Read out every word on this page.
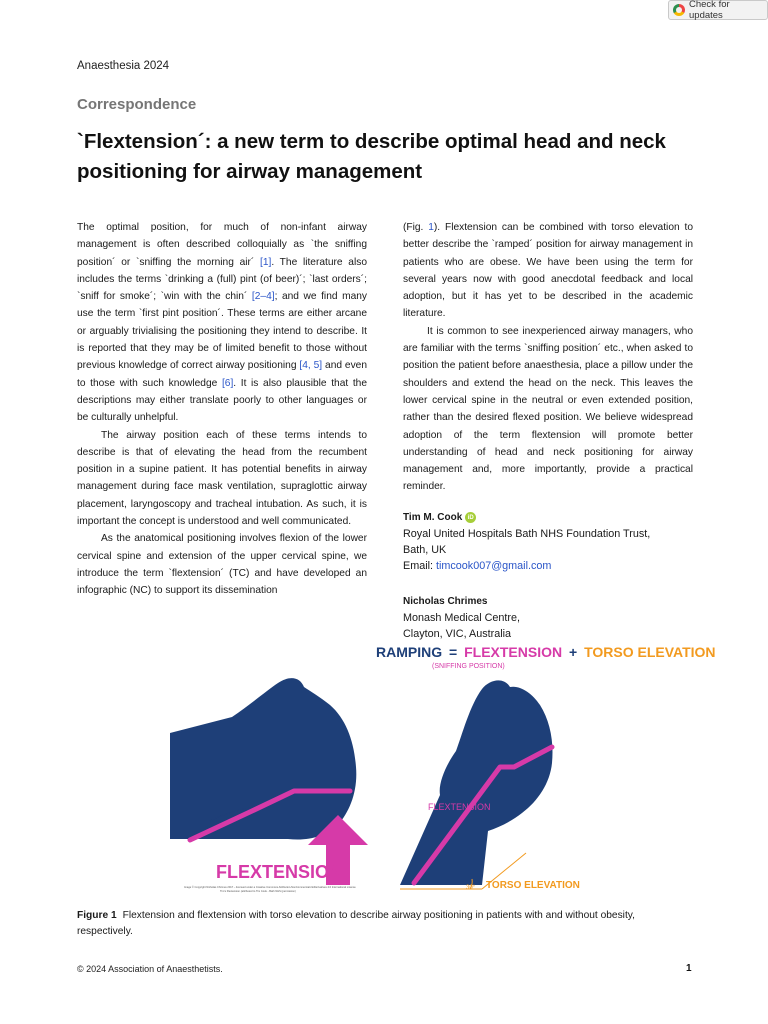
Check for updates
Anaesthesia 2024
Correspondence
`Flextension´: a new term to describe optimal head and neck positioning for airway management

The optimal position, for much of non-infant airway management is often described colloquially as `the sniffing position´ or `sniffing the morning air´ [1]. The literature also includes the terms `drinking a (full) pint (of beer)´; `last orders´; `sniff for smoke´; `win with the chin´ [2–4]; and we find many use the term `first pint position´. These terms are either arcane or arguably trivialising the positioning they intend to describe. It is reported that they may be of limited benefit to those without previous knowledge of correct airway positioning [4, 5] and even to those with such knowledge [6]. It is also plausible that the descriptions may either translate poorly to other languages or be culturally unhelpful.

The airway position each of these terms intends to describe is that of elevating the head from the recumbent position in a supine patient. It has potential benefits in airway management during face mask ventilation, supraglottic airway placement, laryngoscopy and tracheal intubation. As such, it is important the concept is understood and well communicated.

As the anatomical positioning involves flexion of the lower cervical spine and extension of the upper cervical spine, we introduce the term `flextension´ (TC) and have developed an infographic (NC) to support its dissemination

(Fig. 1). Flextension can be combined with torso elevation to better describe the `ramped´ position for airway management in patients who are obese. We have been using the term for several years now with good anecdotal feedback and local adoption, but it has yet to be described in the academic literature.

It is common to see inexperienced airway managers, who are familiar with the terms `sniffing position´ etc., when asked to position the patient before anaesthesia, place a pillow under the shoulders and extend the head on the neck. This leaves the lower cervical spine in the neutral or even extended position, rather than the desired flexed position. We believe widespread adoption of the term flextension will promote better understanding of head and neck positioning for airway management and, more importantly, provide a practical reminder.

Tim M. Cook iD
Royal United Hospitals Bath NHS Foundation Trust,
Bath, UK
Email: timcook007@gmail.com
Nicholas Chrimes
Monash Medical Centre,
Clayton, VIC, Australia
RAMPING = FLEXTENSION + TORSO ELEVATION
(SNIFFING POSITION)
FLEXTENSION
FLEXTENSION
30° TORSO ELEVATION
Image © Copyright Nicholas Chrimes 2017 – licensed under a Creative Commons Attribution-NonCommercial-NoDerivatives 4.0 International License
Tim's Flextension (attributed to Tim Cook - Bath NHS (permission)
Figure 1 Flextension and flextension with torso elevation to describe airway positioning in patients with and without obesity, respectively.
© 2024 Association of Anaesthetists.	1
